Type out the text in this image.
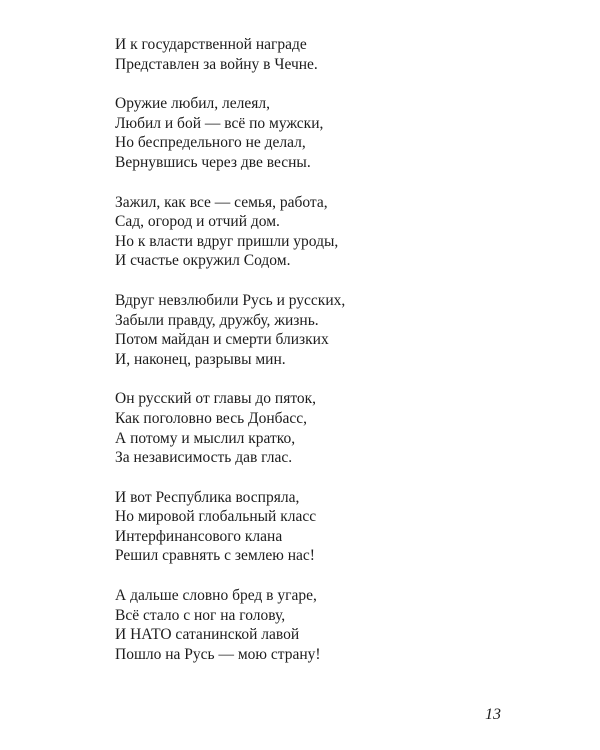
И к государственной награде
Представлен за войну в Чечне.
Оружие любил, лелеял,
Любил и бой — всё по мужски,
Но беспредельного не делал,
Вернувшись через две весны.
Зажил, как все — семья, работа,
Сад, огород и отчий дом.
Но к власти вдруг пришли уроды,
И счастье окружил Содом.
Вдруг невзлюбили Русь и русских,
Забыли правду, дружбу, жизнь.
Потом майдан и смерти близких
И, наконец, разрывы мин.
Он русский от главы до пяток,
Как поголовно весь Донбасс,
А потому и мыслил кратко,
За независимость дав глас.
И вот Республика воспряла,
Но мировой глобальный класс
Интерфинансового клана
Решил сравнять с землею нас!
А дальше словно бред в угаре,
Всё стало с ног на голову,
И НАТО сатанинской лавой
Пошло на Русь — мою страну!
13
